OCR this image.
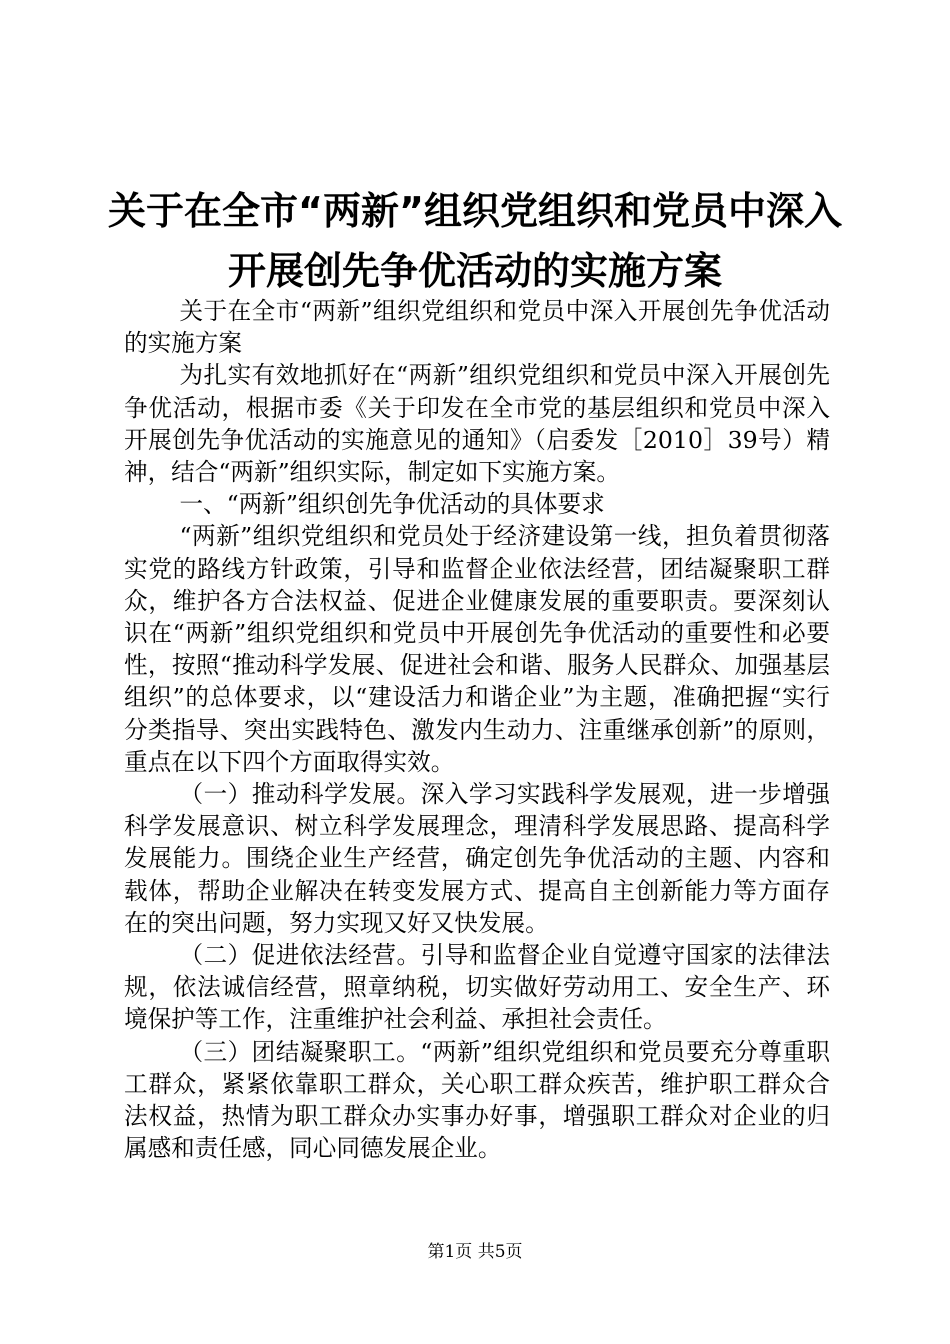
关于在全市“两新”组织党组织和党员中深入
开展创先争优活动的实施方案

关于在全市“两新”组织党组织和党员中深入开展创先争优活动的实施方案

为扎实有效地抓好在“两新”组织党组织和党员中深入开展创先争优活动，根据市委《关于印发在全市党的基层组织和党员中深入开展创先争优活动的实施意见的通知》（启委发［2010］39号）精神，结合“两新”组织实际，制定如下实施方案。

一、“两新”组织创先争优活动的具体要求

“两新”组织党组织和党员处于经济建设第一线，担负着贯彻落实党的路线方针政策，引导和监督企业依法经营，团结凝聚职工群众，维护各方合法权益、促进企业健康发展的重要职责。要深刻认识在“两新”组织党组织和党员中开展创先争优活动的重要性和必要性，按照“推动科学发展、促进社会和谐、服务人民群众、加强基层组织”的总体要求，以“建设活力和谐企业”为主题，准确把握“实行分类指导、突出实践特色、激发内生动力、注重继承创新”的原则，重点在以下四个方面取得实效。

（一）推动科学发展。深入学习实践科学发展观，进一步增强科学发展意识、树立科学发展理念，理清科学发展思路、提高科学发展能力。围绕企业生产经营，确定创先争优活动的主题、内容和载体，帮助企业解决在转变发展方式、提高自主创新能力等方面存在的突出问题，努力实现又好又快发展。

（二）促进依法经营。引导和监督企业自觉遵守国家的法律法规，依法诚信经营，照章纳税，切实做好劳动用工、安全生产、环境保护等工作，注重维护社会利益、承担社会责任。

（三）团结凝聚职工。“两新”组织党组织和党员要充分尊重职工群众，紧紧依靠职工群众，关心职工群众疾苦，维护职工群众合法权益，热情为职工群众办实事办好事，增强职工群众对企业的归属感和责任感，同心同德发展企业。

第1页 共5页
